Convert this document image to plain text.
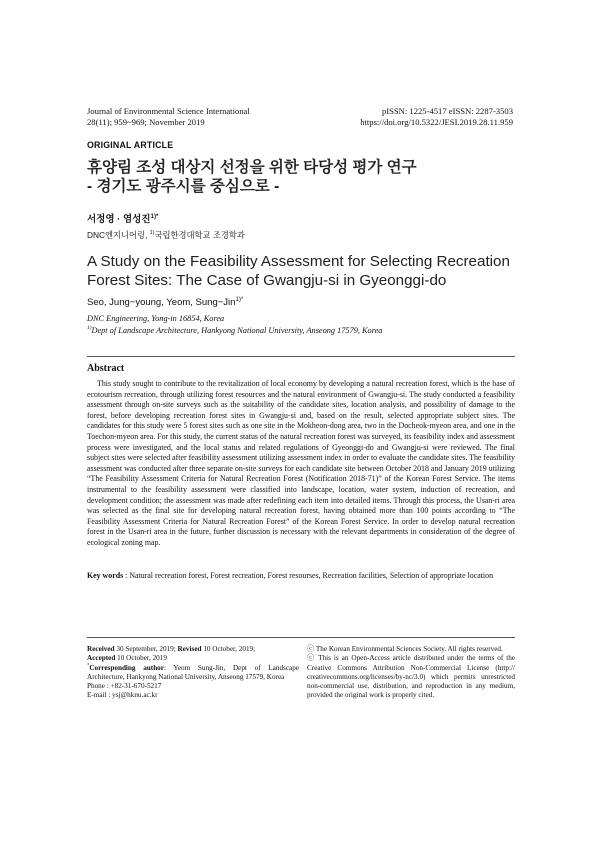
Journal of Environmental Science International
28(11); 959~969; November 2019
pISSN: 1225-4517 eISSN: 2287-3503
https://doi.org/10.5322/JESI.2019.28.11.959
ORIGINAL ARTICLE
휴양림 조성 대상지 선정을 위한 타당성 평가 연구
- 경기도 광주시를 중심으로 -
서정영 · 염성진$^{1)*}$
DNC엔지니어링, $^{1)}$국립한경대학교 조경학과
A Study on the Feasibility Assessment for Selecting Recreation Forest Sites: The Case of Gwangju-si in Gyeonggi-do
Seo, Jung−young, Yeom, Sung−Jin$^{1)*}$
DNC Engineering, Yong-in 16854, Korea
$^{1)}$Dept of Landscape Architecture, Hankyong National University, Anseong 17579, Korea
Abstract
This study sought to contribute to the revitalization of local economy by developing a natural recreation forest, which is the base of ecotourism recreation, through utilizing forest resources and the natural environment of Gwangju-si. The study conducted a feasibility assessment through on-site surveys such as the suitability of the candidate sites, location analysis, and possibility of damage to the forest, before developing recreation forest sites in Gwangju-si and, based on the result, selected appropriate subject sites. The candidates for this study were 5 forest sites such as one site in the Mokheon-dong area, two in the Docheok-myeon area, and one in the Toechon-myeon area. For this study, the current status of the natural recreation forest was surveyed, its feasibility index and assessment process were investigated, and the local status and related regulations of Gyeonggi-do and Gwangju-si were reviewed. The final subject sites were selected after feasibility assessment utilizing assessment index in order to evaluate the candidate sites. The feasibility assessment was conducted after three separate on-site surveys for each candidate site between October 2018 and January 2019 utilizing “The Feasibility Assessment Criteria for Natural Recreation Forest (Notification 2018-71)” of the Korean Forest Service. The items instrumental to the feasibility assessment were classified into landscape, location, water system, induction of recreation, and development condition; the assessment was made after redefining each item into detailed items. Through this process, the Usan-ri area was selected as the final site for developing natural recreation forest, having obtained more than 100 points according to “The Feasibility Assessment Criteria for Natural Recreation Forest” of the Korean Forest Service. In order to develop natural recreation forest in the Usan-ri area in the future, further discussion is necessary with the relevant departments in consideration of the degree of ecological zoning map.
Key words : Natural recreation forest, Forest recreation, Forest resourses, Recreation facilities, Selection of appropriate location
Received 30 September, 2019; Revised 10 October, 2019;
Accepted 10 October, 2019
*Corresponding author: Yeom Sung-Jin, Dept of Landscape Architecture, Hankyong National University, Anseong 17579, Korea
Phone : +82-31-670-5217
E-mail : ysj@hknu.ac.kr
ⓒ The Korean Environmental Sciences Society. All rights reserved.
ⓒ This is an Open-Access article distributed under the terms of the Creative Commons Attribution Non-Commercial License (http:// creativecommons.org/licenses/by-nc/3.0) which permits unrestricted non-commercial use, distribution, and reproduction in any medium, provided the original work is properly cited.
